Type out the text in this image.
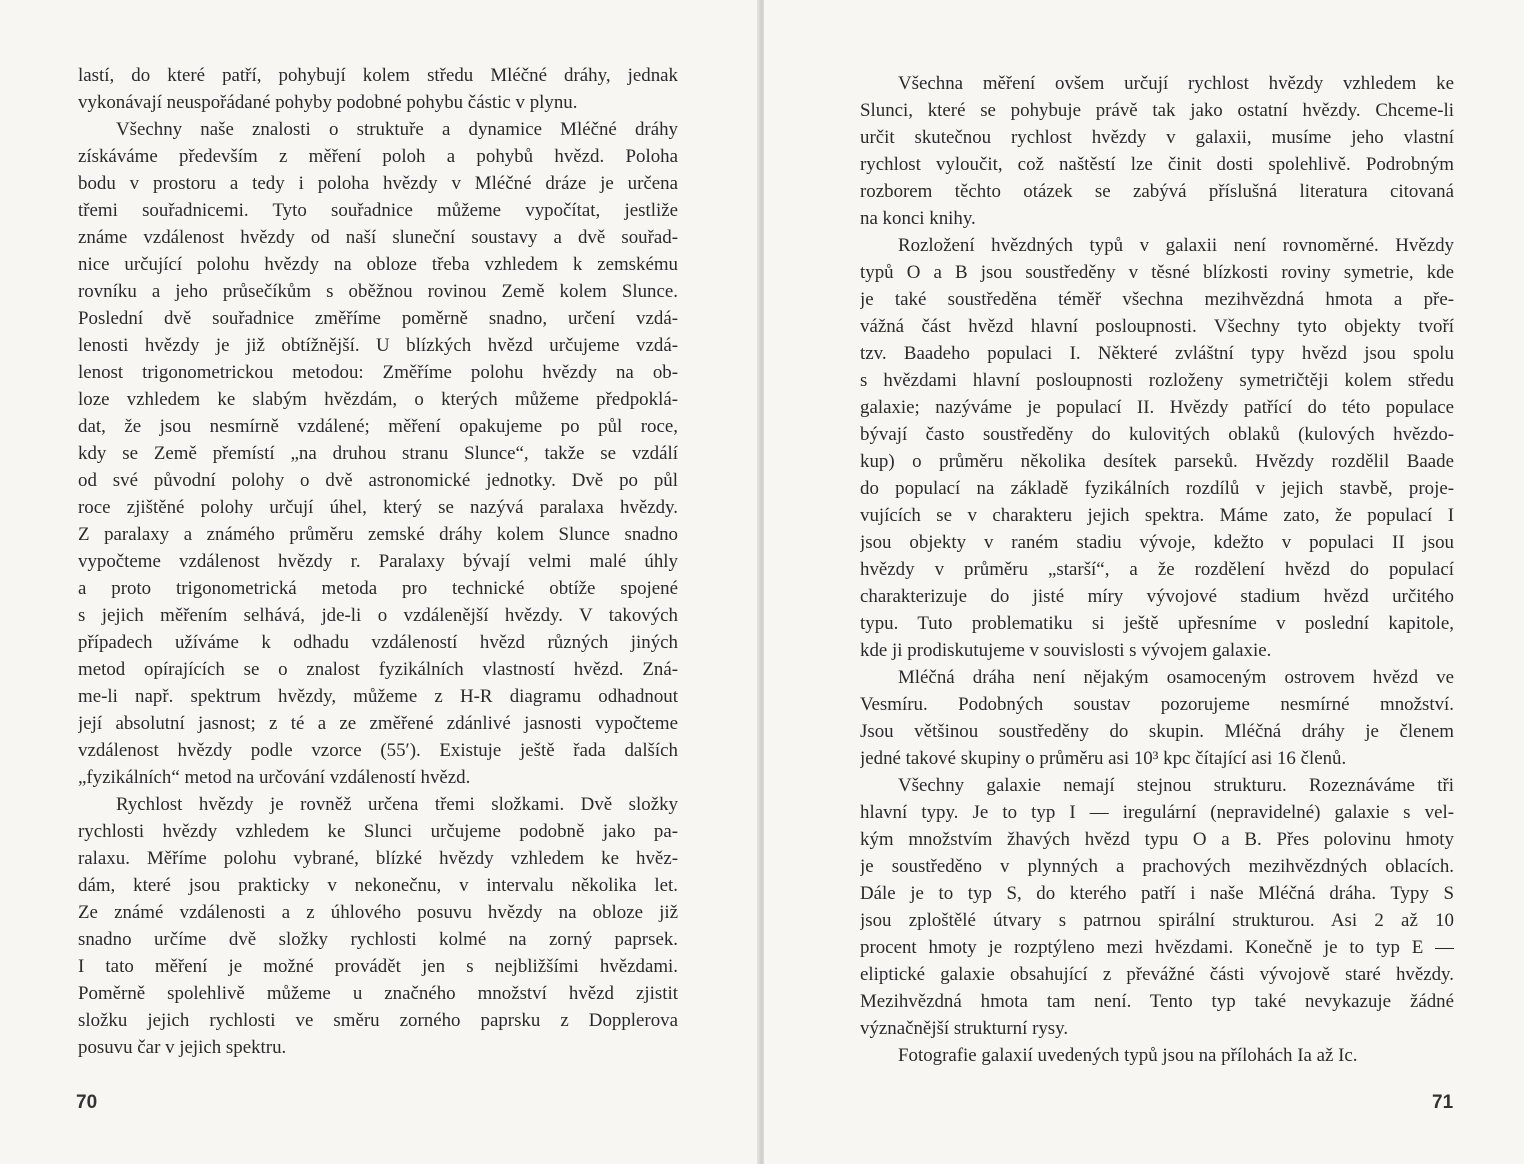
lastí, do které patří, pohybují kolem středu Mléčné dráhy, jednak
vykonávají neuspořádané pohyby podobné pohybu částic v plynu.
Všechny naše znalosti o struktuře a dynamice Mléčné dráhy
získáváme především z měření poloh a pohybů hvězd. Poloha
bodu v prostoru a tedy i poloha hvězdy v Mléčné dráze je určena
třemi souřadnicemi. Tyto souřadnice můžeme vypočítat, jestliže
známe vzdálenost hvězdy od naší sluneční soustavy a dvě souřad-
nice určující polohu hvězdy na obloze třeba vzhledem k zemskému
rovníku a jeho průsečíkům s oběžnou rovinou Země kolem Slunce.
Poslední dvě souřadnice změříme poměrně snadno, určení vzdá-
lenosti hvězdy je již obtížnější. U blízkých hvězd určujeme vzdá-
lenost trigonometrickou metodou: Změříme polohu hvězdy na ob-
loze vzhledem ke slabým hvězdám, o kterých můžeme předpoklá-
dat, že jsou nesmírně vzdálené; měření opakujeme po půl roce,
kdy se Země přemístí „na druhou stranu Slunce“, takže se vzdálí
od své původní polohy o dvě astronomické jednotky. Dvě po půl
roce zjištěné polohy určují úhel, který se nazývá paralaxa hvězdy.
Z paralaxy a známého průměru zemské dráhy kolem Slunce snadno
vypočteme vzdálenost hvězdy r. Paralaxy bývají velmi malé úhly
a proto trigonometrická metoda pro technické obtíže spojené
s jejich měřením selhává, jde-li o vzdálenější hvězdy. V takových
případech užíváme k odhadu vzdáleností hvězd různých jiných
metod opírajících se o znalost fyzikálních vlastností hvězd. Zná-
me-li např. spektrum hvězdy, můžeme z H-R diagramu odhadnout
její absolutní jasnost; z té a ze změřené zdánlivé jasnosti vypočteme
vzdálenost hvězdy podle vzorce (55′). Existuje ještě řada dalších
„fyzikálních“ metod na určování vzdáleností hvězd.
Rychlost hvězdy je rovněž určena třemi složkami. Dvě složky
rychlosti hvězdy vzhledem ke Slunci určujeme podobně jako pa-
ralaxu. Měříme polohu vybrané, blízké hvězdy vzhledem ke hvěz-
dám, které jsou prakticky v nekonečnu, v intervalu několika let.
Ze známé vzdálenosti a z úhlového posuvu hvězdy na obloze již
snadno určíme dvě složky rychlosti kolmé na zorný paprsek.
I tato měření je možné provádět jen s nejbližšími hvězdami.
Poměrně spolehlivě můžeme u značného množství hvězd zjistit
složku jejich rychlosti ve směru zorného paprsku z Dopplerova
posuvu čar v jejich spektru.
70
Všechna měření ovšem určují rychlost hvězdy vzhledem ke
Slunci, které se pohybuje právě tak jako ostatní hvězdy. Chceme-li
určit skutečnou rychlost hvězdy v galaxii, musíme jeho vlastní
rychlost vyloučit, což naštěstí lze činit dosti spolehlivě. Podrobným
rozborem těchto otázek se zabývá příslušná literatura citovaná
na konci knihy.
Rozložení hvězdných typů v galaxii není rovnoměrné. Hvězdy
typů O a B jsou soustředěny v těsné blízkosti roviny symetrie, kde
je také soustředěna téměř všechna mezihvězdná hmota a pře-
vážná část hvězd hlavní posloupnosti. Všechny tyto objekty tvoří
tzv. Baadeho populaci I. Některé zvláštní typy hvězd jsou spolu
s hvězdami hlavní posloupnosti rozloženy symetričtěji kolem středu
galaxie; nazýváme je populací II. Hvězdy patřící do této populace
bývají často soustředěny do kulovitých oblaků (kulových hvězdo-
kup) o průměru několika desítek parseků. Hvězdy rozdělil Baade
do populací na základě fyzikálních rozdílů v jejich stavbě, proje-
vujících se v charakteru jejich spektra. Máme zato, že populací I
jsou objekty v raném stadiu vývoje, kdežto v populaci II jsou
hvězdy v průměru „starší“, a že rozdělení hvězd do populací
charakterizuje do jisté míry vývojové stadium hvězd určitého
typu. Tuto problematiku si ještě upřesníme v poslední kapitole,
kde ji prodiskutujeme v souvislosti s vývojem galaxie.
Mléčná dráha není nějakým osamoceným ostrovem hvězd ve
Vesmíru. Podobných soustav pozorujeme nesmírné množství.
Jsou většinou soustředěny do skupin. Mléčná dráhy je členem
jedné takové skupiny o průměru asi 10³ kpc čítající asi 16 členů.
Všechny galaxie nemají stejnou strukturu. Rozeznáváme tři
hlavní typy. Je to typ I — iregulární (nepravidelné) galaxie s vel-
kým množstvím žhavých hvězd typu O a B. Přes polovinu hmoty
je soustředěno v plynných a prachových mezihvězdných oblacích.
Dále je to typ S, do kterého patří i naše Mléčná dráha. Typy S
jsou zploštělé útvary s patrnou spirální strukturou. Asi 2 až 10
procent hmoty je rozptýleno mezi hvězdami. Konečně je to typ E —
eliptické galaxie obsahující z převážné části vývojově staré hvězdy.
Mezihvězdná hmota tam není. Tento typ také nevykazuje žádné
význačnější strukturní rysy.
Fotografie galaxií uvedených typů jsou na přílohách Ia až Ic.
71
